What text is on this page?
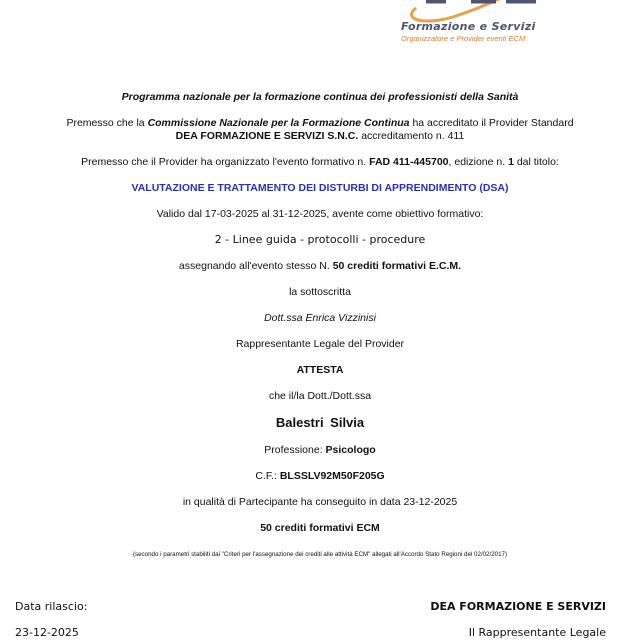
Formazione e Servizi
Organizzatore e Provider eventi ECM
Programma nazionale per la formazione continua dei professionisti della Sanità
Premesso che la Commissione Nazionale per la Formazione Continua ha accreditato il Provider Standard
DEA FORMAZIONE E SERVIZI S.N.C. accreditamento n. 411
Premesso che il Provider ha organizzato l'evento formativo n. FAD 411-445700, edizione n. 1 dal titolo:
VALUTAZIONE E TRATTAMENTO DEI DISTURBI DI APPRENDIMENTO (DSA)
Valido dal 17-03-2025 al 31-12-2025, avente come obiettivo formativo:
2 - Linee guida - protocolli - procedure
assegnando all'evento stesso N. 50 crediti formativi E.C.M.
la sottoscritta
Dott.ssa Enrica Vizzinisi
Rappresentante Legale del Provider
ATTESTA
che il/la Dott./Dott.ssa
Balestri Silvia
Professione: Psicologo
C.F.: BLSSLV92M50F205G
in qualità di Partecipante ha conseguito in data 23-12-2025
50 crediti formativi ECM
(secondo i parametri stabiliti dai "Criteri per l'assegnazione dei crediti alle attività ECM" allegati all'Accordo Stato Regioni del 02/02/2017)
Data rilascio:
23-12-2025
DEA FORMAZIONE E SERVIZI
Il Rappresentante Legale
